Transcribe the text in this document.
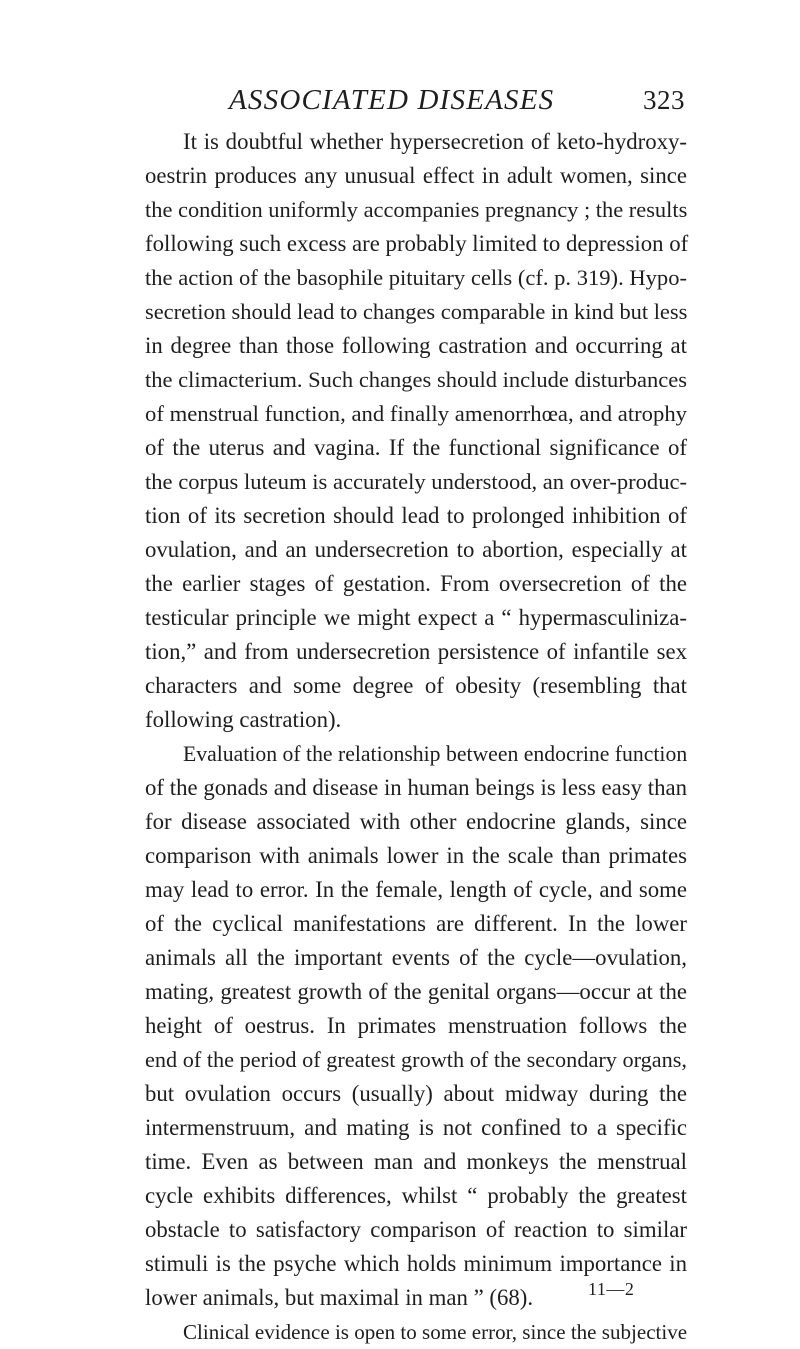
ASSOCIATED DISEASES	323
It is doubtful whether hypersecretion of keto-hydroxy-
oestrin produces any unusual effect in adult women, since
the condition uniformly accompanies pregnancy ; the results
following such excess are probably limited to depression of
the action of the basophile pituitary cells (cf. p. 319). Hypo-
secretion should lead to changes comparable in kind but less
in degree than those following castration and occurring at
the climacterium. Such changes should include disturbances
of menstrual function, and finally amenorrhœa, and atrophy
of the uterus and vagina. If the functional significance of
the corpus luteum is accurately understood, an over-produc-
tion of its secretion should lead to prolonged inhibition of
ovulation, and an undersecretion to abortion, especially at
the earlier stages of gestation. From oversecretion of the
testicular principle we might expect a “ hypermasculiniza-
tion,” and from undersecretion persistence of infantile sex
characters and some degree of obesity (resembling that
following castration).
Evaluation of the relationship between endocrine function
of the gonads and disease in human beings is less easy than
for disease associated with other endocrine glands, since
comparison with animals lower in the scale than primates
may lead to error. In the female, length of cycle, and some
of the cyclical manifestations are different. In the lower
animals all the important events of the cycle—ovulation,
mating, greatest growth of the genital organs—occur at the
height of oestrus. In primates menstruation follows the
end of the period of greatest growth of the secondary organs,
but ovulation occurs (usually) about midway during the
intermenstruum, and mating is not confined to a specific
time. Even as between man and monkeys the menstrual
cycle exhibits differences, whilst “ probably the greatest
obstacle to satisfactory comparison of reaction to similar
stimuli is the psyche which holds minimum importance in
lower animals, but maximal in man ” (68).
Clinical evidence is open to some error, since the subjective
11—2
